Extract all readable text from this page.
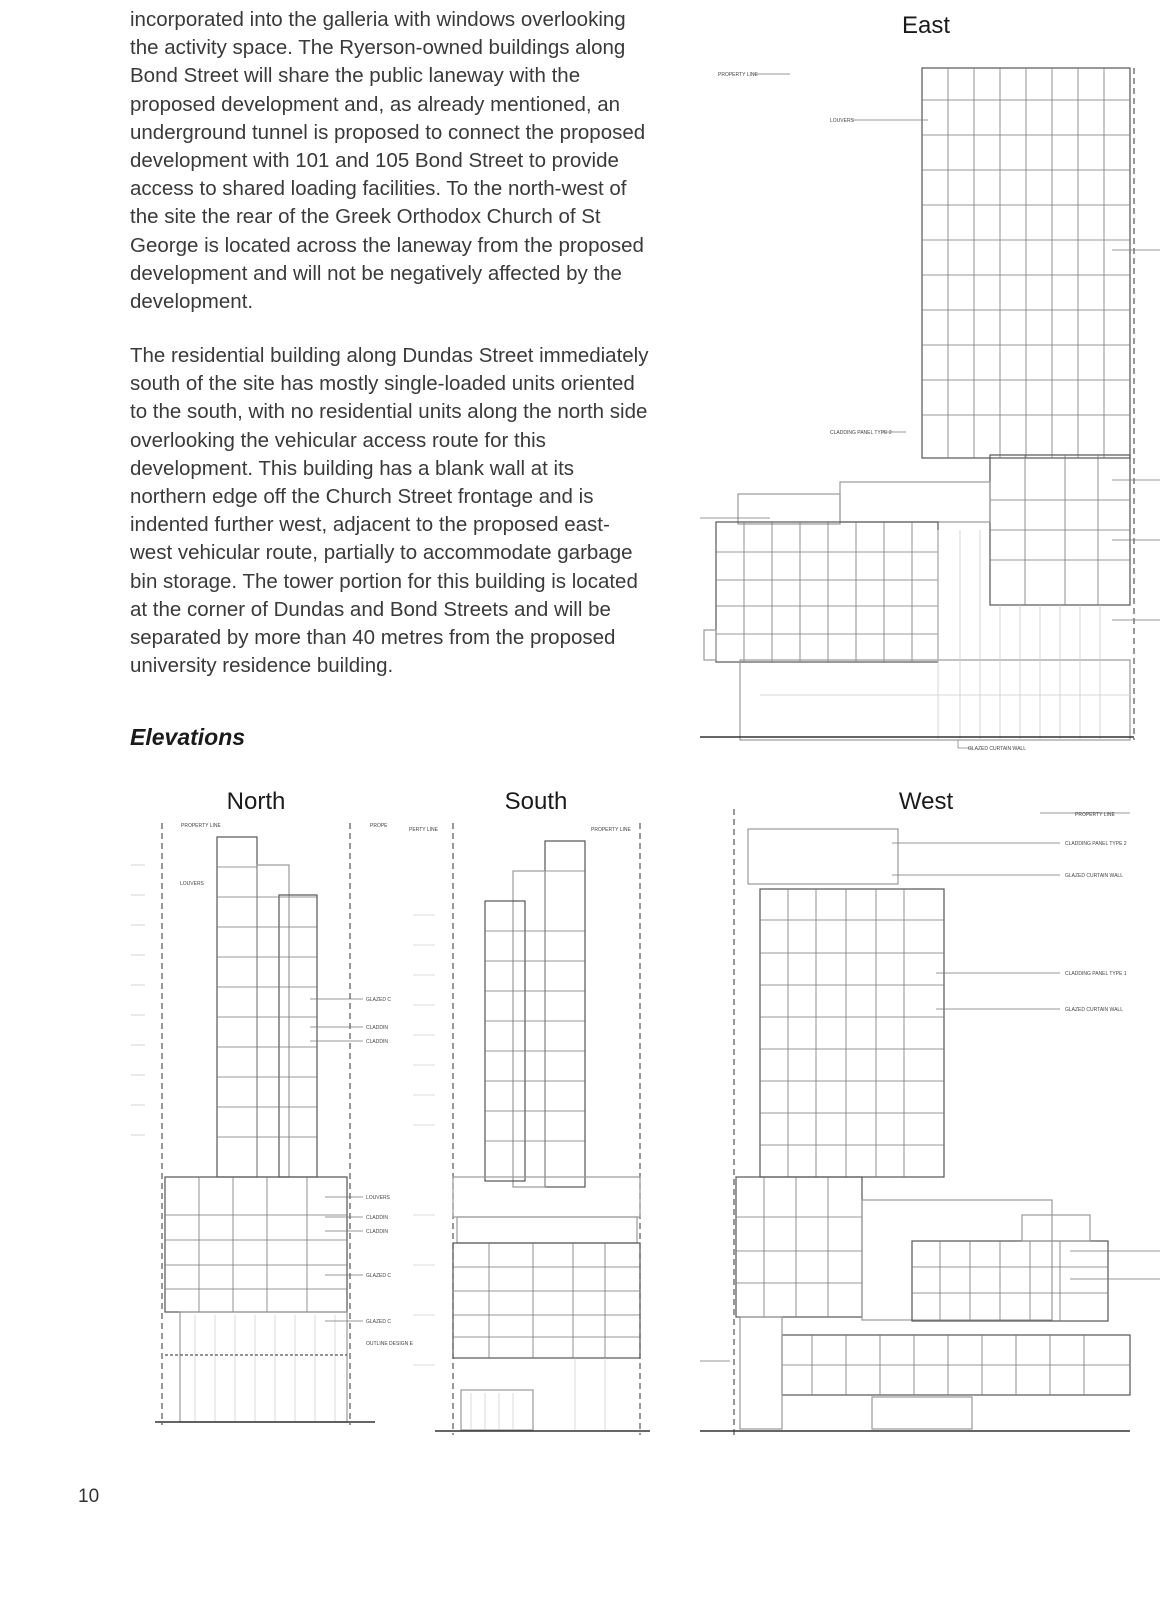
incorporated into the galleria with windows overlooking the activity space. The Ryerson-owned buildings along Bond Street will share the public laneway with the proposed development and, as already mentioned, an underground tunnel is proposed to connect the proposed development with 101 and 105 Bond Street to provide access to shared loading facilities. To the north-west of the site the rear of the Greek Orthodox Church of St George is located across the laneway from the proposed development and will not be negatively affected by the development.

The residential building along Dundas Street immediately south of the site has mostly single-loaded units oriented to the south, with no residential units along the north side overlooking the vehicular access route for this development. This building has a blank wall at its northern edge off the Church Street frontage and is indented further west, adjacent to the proposed east-west vehicular route, partially to accommodate garbage bin storage. The tower portion for this building is located at the corner of Dundas and Bond Streets and will be separated by more than 40 metres from the proposed university residence building.

Elevations
East
PROPERTY LINE
LOUVERS
CLADDING PANEL TYPE 2
GLAZED CURTAIN WALL
North
PROPERTY LINE	PROPE
LOUVERS
GLAZED C
CLADDIN
CLADDIN
LOUVERS
CLADDIN
CLADDIN
GLAZED C
GLAZED C
OUTLINE DESIGN E
South
PERTY LINE	PROPERTY LINE
West	PROPERTY LINE
CLADDING PANEL TYPE 2
GLAZED CURTAIN WALL
CLADDING PANEL TYPE 1
GLAZED CURTAIN WALL
10
